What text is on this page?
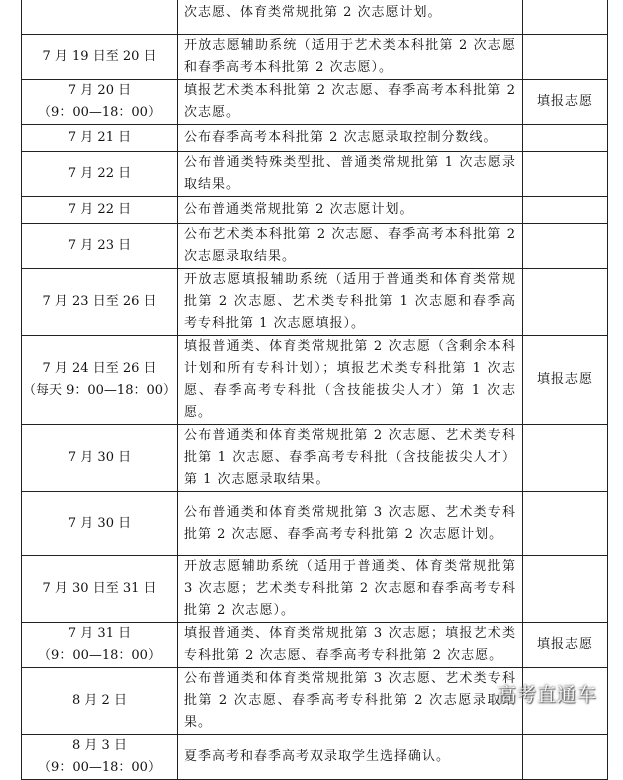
	次志愿、体育类常规批第 2 次志愿计划。	

7 月 19 日至 20 日	开放志愿辅助系统（适用于艺术类本科批第 2 次志愿和春季高考本科批第 2 次志愿）。	

7 月 20 日
（9：00—18：00）	填报艺术类本科批第 2 次志愿、春季高考本科批第 2 次志愿。	填报志愿

7 月 21 日	公布春季高考本科批第 2 次志愿录取控制分数线。	

7 月 22 日	公布普通类特殊类型批、普通类常规批第 1 次志愿录取结果。	

7 月 22 日	公布普通类常规批第 2 次志愿计划。	

7 月 23 日	公布艺术类本科批第 2 次志愿、春季高考本科批第 2 次志愿录取结果。	

7 月 23 日至 26 日	开放志愿填报辅助系统（适用于普通类和体育类常规批第 2 次志愿、艺术类专科批第 1 次志愿和春季高考专科批第 1 次志愿填报）。	

7 月 24 日至 26 日
（每天 9：00—18：00）	填报普通类、体育类常规批第 2 次志愿（含剩余本科计划和所有专科计划）；填报艺术类专科批第 1 次志愿、春季高考专科批（含技能拔尖人才）第 1 次志愿。	填报志愿

7 月 30 日	公布普通类和体育类常规批第 2 次志愿、艺术类专科批第 1 次志愿、春季高考专科批（含技能拔尖人才）第 1 次志愿录取结果。	

7 月 30 日	公布普通类和体育类常规批第 3 次志愿、艺术类专科批第 2 次志愿、春季高考专科批第 2 次志愿计划。	

7 月 30 日至 31 日	开放志愿辅助系统（适用于普通类、体育类常规批第 3 次志愿；艺术类专科批第 2 次志愿和春季高考专科批第 2 次志愿）。	

7 月 31 日
（9：00—18：00）	填报普通类、体育类常规批第 3 次志愿；填报艺术类专科批第 2 次志愿、春季高考专科批第 2 次志愿。	填报志愿

8 月 2 日	公布普通类和体育类常规批第 3 次志愿、艺术类专科批第 2 次志愿、春季高考专科批第 2 次志愿录取结果。	

8 月 3 日
（9：00—18：00）	夏季高考和春季高考双录取学生选择确认。	
高考直通车
